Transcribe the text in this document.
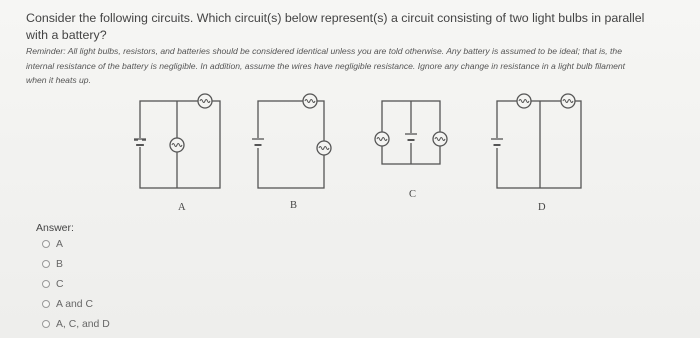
Consider the following circuits. Which circuit(s) below represent(s) a circuit consisting of two light bulbs in parallel with a battery?
Reminder: All light bulbs, resistors, and batteries should be considered identical unless you are told otherwise. Any battery is assumed to be ideal; that is, the internal resistance of the battery is negligible. In addition, assume the wires have negligible resistance. Ignore any change in resistance in a light bulb filament when it heats up.
A	B
C
D
Answer:
A
B
C
A and C
A, C, and D
